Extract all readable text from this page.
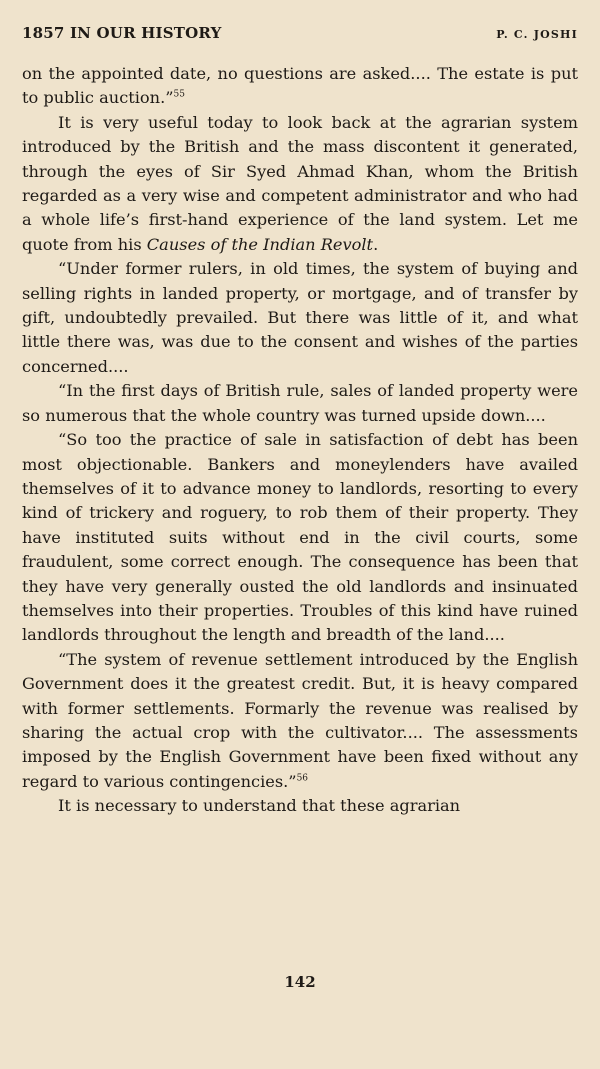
1857 IN OUR HISTORY	P. C. JOSHI

on the appointed date, no questions are asked.... The estate is put to public auction.”$^{55}$

It is very useful today to look back at the agrarian system introduced by the British and the mass discontent it generated, through the eyes of Sir Syed Ahmad Khan, whom the British regarded as a very wise and competent administrator and who had a whole life’s first-hand experience of the land system. Let me quote from his Causes of the Indian Revolt.

“Under former rulers, in old times, the system of buying and selling rights in landed property, or mortgage, and of transfer by gift, undoubtedly prevailed. But there was little of it, and what little there was, was due to the consent and wishes of the parties concerned....

“In the first days of British rule, sales of landed property were so numerous that the whole country was turned upside down....

“So too the practice of sale in satisfaction of debt has been most objectionable. Bankers and moneylenders have availed themselves of it to advance money to landlords, resorting to every kind of trickery and roguery, to rob them of their property. They have instituted suits without end in the civil courts, some fraudulent, some correct enough. The consequence has been that they have very generally ousted the old landlords and insinuated themselves into their properties. Troubles of this kind have ruined landlords throughout the length and breadth of the land....

“The system of revenue settlement introduced by the English Government does it the greatest credit. But, it is heavy compared with former settlements. Formarly the revenue was realised by sharing the actual crop with the cultivator.... The assessments imposed by the English Government have been fixed without any regard to various contingencies.”$^{56}$

It is necessary to understand that these agrarian

142
